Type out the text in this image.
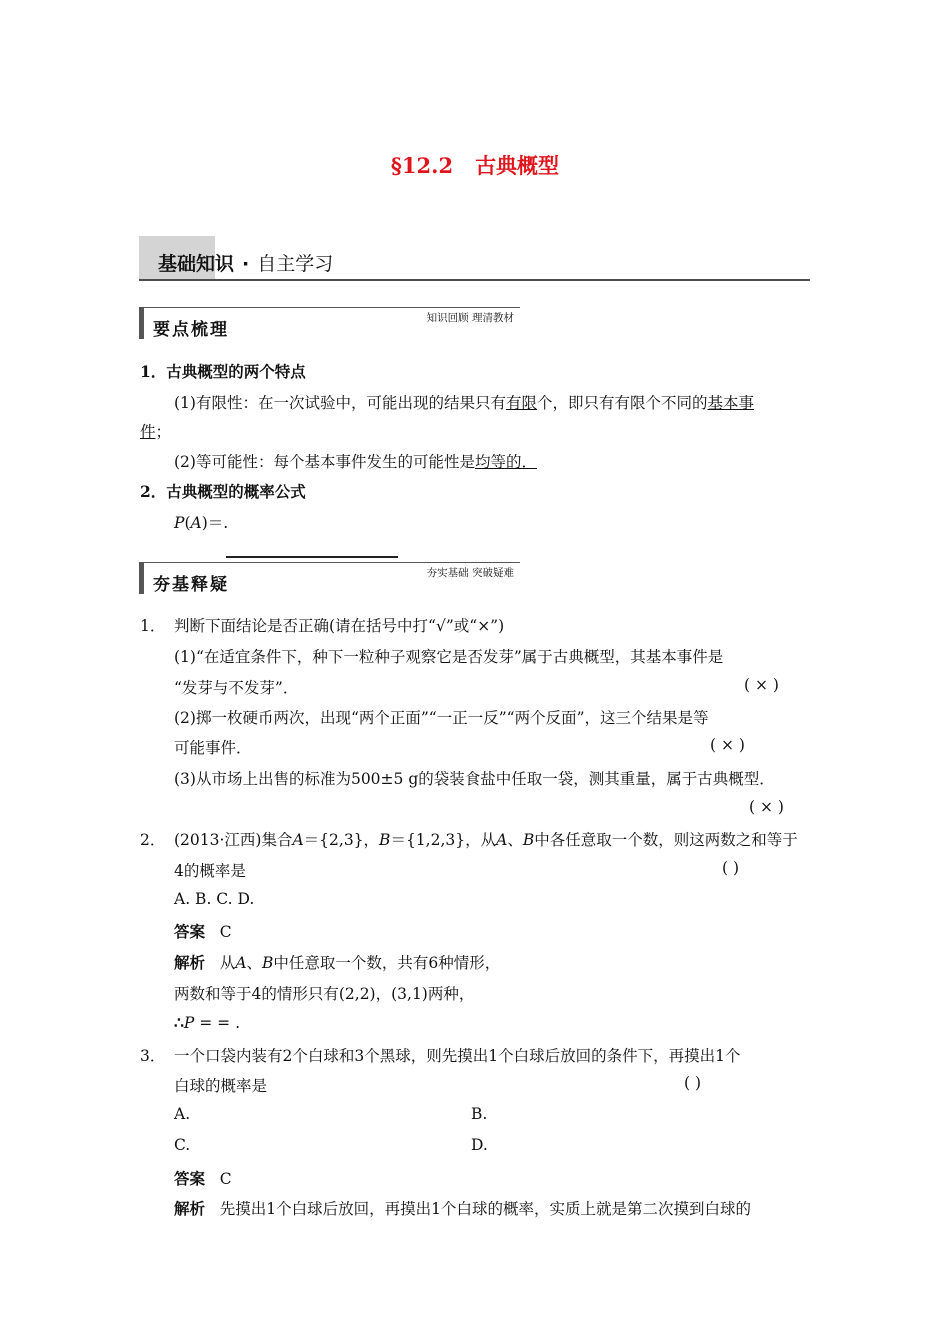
§12.2 古典概型
基础知识 · 自主学习
要点梳理
知识回顾 理清教材
1．古典概型的两个特点
(1)有限性：在一次试验中，可能出现的结果只有有限个，即只有有限个不同的基本事
件；
(2)等可能性：每个基本事件发生的可能性是均等的．
2．古典概型的概率公式
P(A)＝.
夯基释疑
夯实基础 突破疑难
1． 判断下面结论是否正确(请在括号中打“√”或“×”)
(1)“在适宜条件下，种下一粒种子观察它是否发芽”属于古典概型，其基本事件是
“发芽与不发芽”．	( × )
(2)掷一枚硬币两次，出现“两个正面”“一正一反”“两个反面”，这三个结果是等
可能事件．	( × )
(3)从市场上出售的标准为500±5 g的袋装食盐中任取一袋，测其重量，属于古典概型．
( × )
2． (2013·江西)集合A＝{2,3}，B＝{1,2,3}，从A、B中各任意取一个数，则这两数之和等于
4的概率是	( )
A. B. C. D.
答案 C
解析 从A、B中任意取一个数，共有6种情形，
两数和等于4的情形只有(2,2)，(3,1)两种，
∴P = = .
3． 一个口袋内装有2个白球和3个黑球，则先摸出1个白球后放回的条件下，再摸出1个
白球的概率是	( )
A.	B.
C.	D.
答案 C
解析 先摸出1个白球后放回，再摸出1个白球的概率，实质上就是第二次摸到白球的
